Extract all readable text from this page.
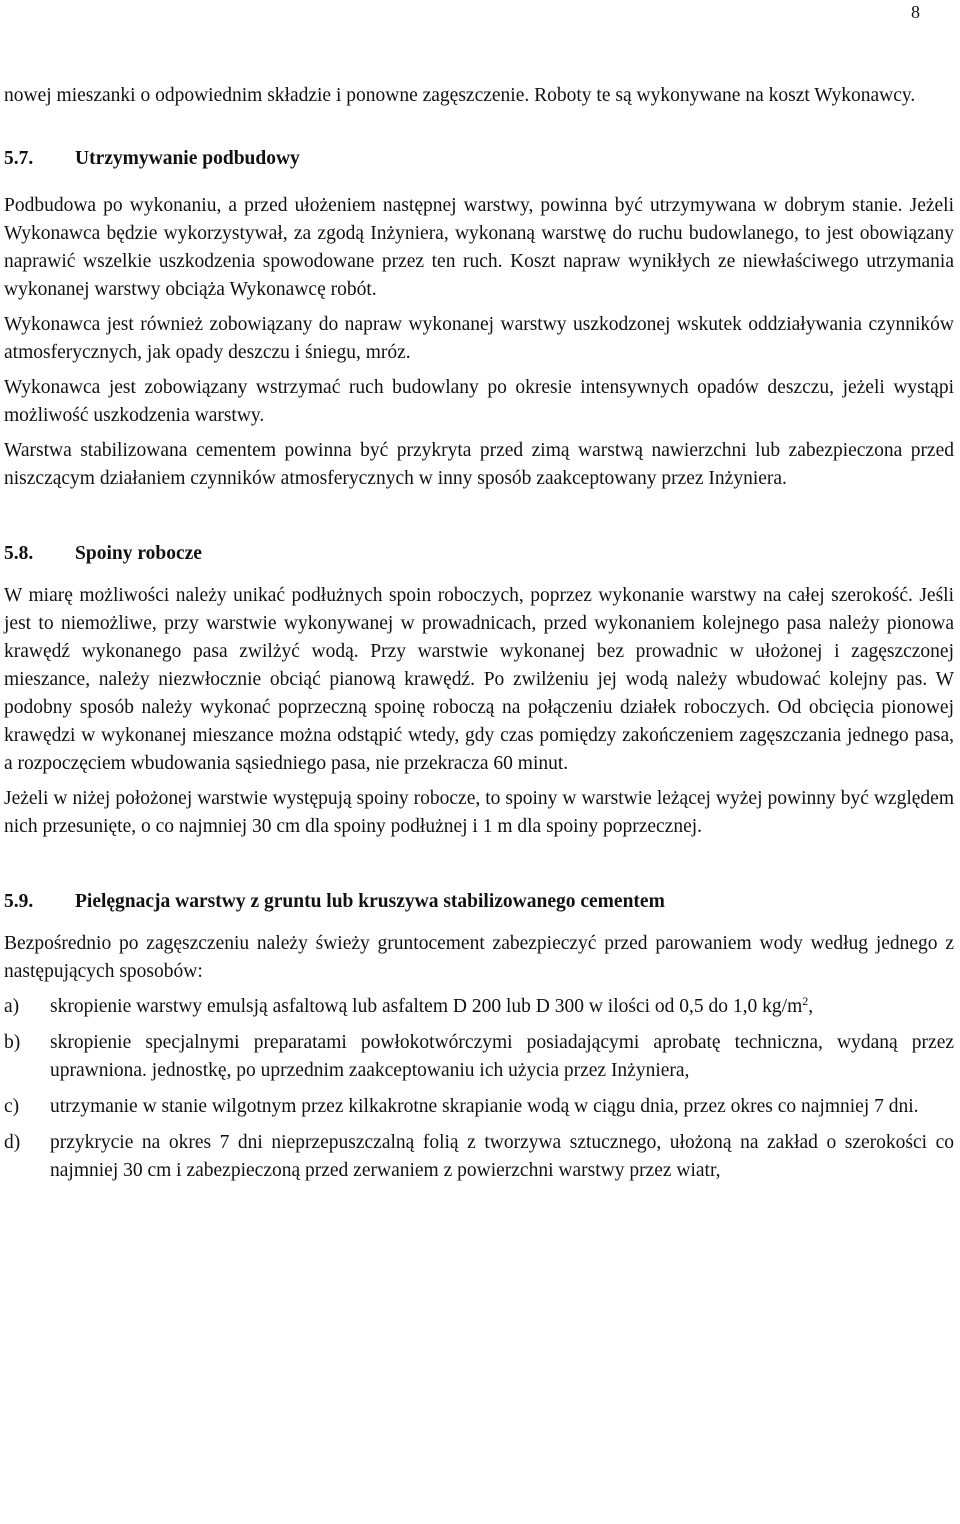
8

nowej mieszanki o odpowiednim składzie i ponowne zagęszczenie. Roboty te są wykonywane na koszt Wykonawcy.

5.7.	Utrzymywanie podbudowy

Podbudowa po wykonaniu, a przed ułożeniem następnej warstwy, powinna być utrzymywana w dobrym stanie. Jeżeli Wykonawca będzie wykorzystywał, za zgodą Inżyniera, wykonaną warstwę do ruchu budowlanego, to jest obowiązany naprawić wszelkie uszkodzenia spowodowane przez ten ruch. Koszt napraw wynikłych ze niewłaściwego utrzymania wykonanej warstwy obciąża Wykonawcę robót.

Wykonawca jest również zobowiązany do napraw wykonanej warstwy uszkodzonej wskutek oddziaływania czynników atmosferycznych, jak opady deszczu i śniegu, mróz.

Wykonawca jest zobowiązany wstrzymać ruch budowlany po okresie intensywnych opadów deszczu, jeżeli wystąpi możliwość uszkodzenia warstwy.

Warstwa stabilizowana cementem powinna być przykryta przed zimą warstwą nawierzchni lub zabezpieczona przed niszczącym działaniem czynników atmosferycznych w inny sposób zaakceptowany przez Inżyniera.

5.8.	Spoiny robocze

W miarę możliwości należy unikać podłużnych spoin roboczych, poprzez wykonanie warstwy na całej szerokość. Jeśli jest to niemożliwe, przy warstwie wykonywanej w prowadnicach, przed wykonaniem kolejnego pasa należy pionowa krawędź wykonanego pasa zwilżyć wodą. Przy warstwie wykonanej bez prowadnic w ułożonej i zagęszczonej mieszance, należy niezwłocznie obciąć pianową krawędź. Po zwilżeniu jej wodą należy wbudować kolejny pas. W podobny sposób należy wykonać poprzeczną spoinę roboczą na połączeniu działek roboczych. Od obcięcia pionowej krawędzi w wykonanej mieszance można odstąpić wtedy, gdy czas pomiędzy zakończeniem zagęszczania jednego pasa, a rozpoczęciem wbudowania sąsiedniego pasa, nie przekracza 60 minut.

Jeżeli w niżej położonej warstwie występują spoiny robocze, to spoiny w warstwie leżącej wyżej powinny być względem nich przesunięte, o co najmniej 30 cm dla spoiny podłużnej i 1 m dla spoiny poprzecznej.

5.9.	Pielęgnacja warstwy z gruntu lub kruszywa stabilizowanego cementem

Bezpośrednio po zagęszczeniu należy świeży gruntocement zabezpieczyć przed parowaniem wody według jednego z następujących sposobów:

a)	skropienie warstwy emulsją asfaltową lub asfaltem D 200 lub D 300 w ilości od 0,5 do 1,0 $kg/m^2$,
b)	skropienie specjalnymi preparatami powłokotwórczymi posiadającymi aprobatę techniczna, wydaną przez uprawniona. jednostkę, po uprzednim zaakceptowaniu ich użycia przez Inżyniera,
c)	utrzymanie w stanie wilgotnym przez kilkakrotne skrapianie wodą w ciągu dnia, przez okres co najmniej 7 dni.
d)	przykrycie na okres 7 dni nieprzepuszczalną folią z tworzywa sztucznego, ułożoną na zakład o szerokości co najmniej 30 cm i zabezpieczoną przed zerwaniem z powierzchni warstwy przez wiatr,
